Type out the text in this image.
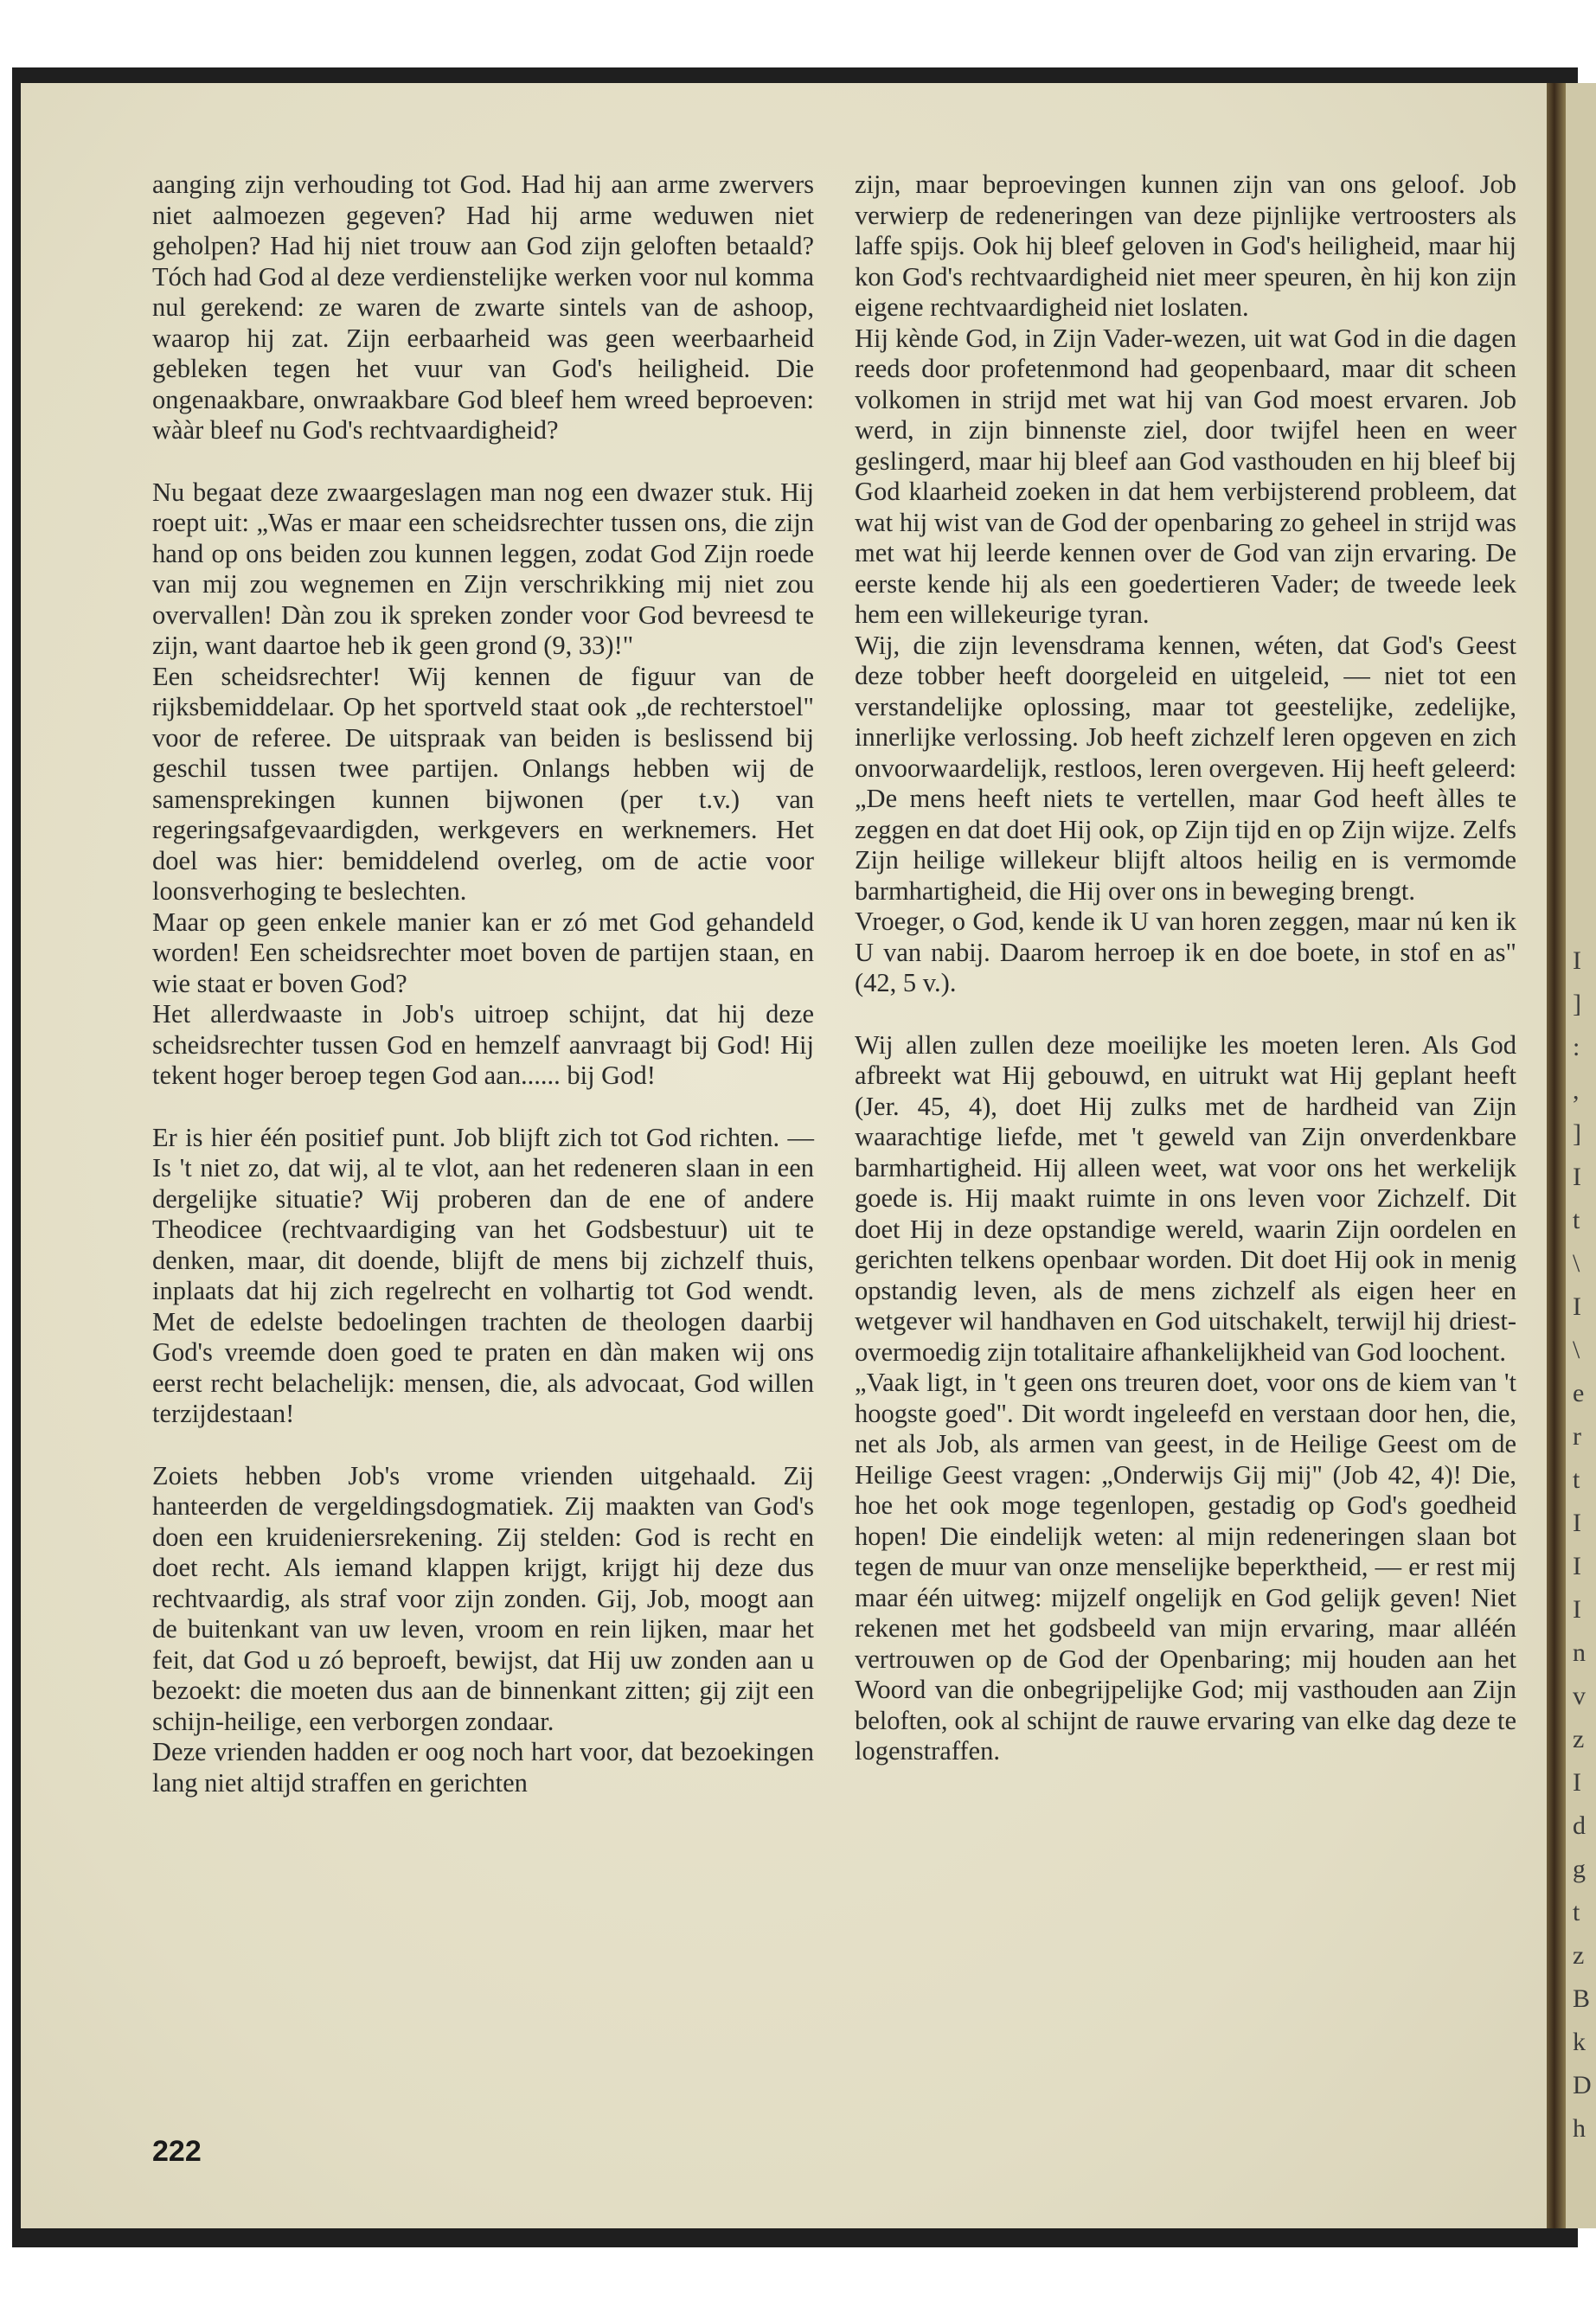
I
]
:
,
]
I
t
\
I
\
e
r
t
I
I
I
n
v
z
I
d
g
t
z
B
k
D
h

aanging zijn verhouding tot God. Had hij aan arme zwervers niet aalmoezen gegeven? Had hij arme weduwen niet geholpen? Had hij niet trouw aan God zijn geloften betaald? Tóch had God al deze verdienstelijke werken voor nul komma nul gerekend: ze waren de zwarte sintels van de ashoop, waarop hij zat. Zijn eerbaarheid was geen weerbaarheid gebleken tegen het vuur van God's heiligheid. Die ongenaakbare, onwraakbare God bleef hem wreed beproeven: wààr bleef nu God's rechtvaardigheid?

Nu begaat deze zwaargeslagen man nog een dwazer stuk. Hij roept uit: „Was er maar een scheidsrechter tussen ons, die zijn hand op ons beiden zou kunnen leggen, zodat God Zijn roede van mij zou wegnemen en Zijn verschrikking mij niet zou overvallen! Dàn zou ik spreken zonder voor God bevreesd te zijn, want daartoe heb ik geen grond (9, 33)!"

Een scheidsrechter! Wij kennen de figuur van de rijksbemiddelaar. Op het sportveld staat ook „de rechterstoel" voor de referee. De uitspraak van beiden is beslissend bij geschil tussen twee partijen. Onlangs hebben wij de samensprekingen kunnen bijwonen (per t.v.) van regeringsafgevaardigden, werkgevers en werknemers. Het doel was hier: bemiddelend overleg, om de actie voor loonsverhoging te beslechten.

Maar op geen enkele manier kan er zó met God gehandeld worden! Een scheidsrechter moet boven de partijen staan, en wie staat er boven God?

Het allerdwaaste in Job's uitroep schijnt, dat hij deze scheidsrechter tussen God en hemzelf aanvraagt bij God! Hij tekent hoger beroep tegen God aan...... bij God!

Er is hier één positief punt. Job blijft zich tot God richten. — Is 't niet zo, dat wij, al te vlot, aan het redeneren slaan in een dergelijke situatie? Wij proberen dan de ene of andere Theodicee (rechtvaardiging van het Godsbestuur) uit te denken, maar, dit doende, blijft de mens bij zichzelf thuis, inplaats dat hij zich regelrecht en volhartig tot God wendt. Met de edelste bedoelingen trachten de theologen daarbij God's vreemde doen goed te praten en dàn maken wij ons eerst recht belachelijk: mensen, die, als advocaat, God willen terzijdestaan!

Zoiets hebben Job's vrome vrienden uitgehaald. Zij hanteerden de vergeldingsdogmatiek. Zij maakten van God's doen een kruideniersrekening. Zij stelden: God is recht en doet recht. Als iemand klappen krijgt, krijgt hij deze dus rechtvaardig, als straf voor zijn zonden. Gij, Job, moogt aan de buitenkant van uw leven, vroom en rein lijken, maar het feit, dat God u zó beproeft, bewijst, dat Hij uw zonden aan u bezoekt: die moeten dus aan de binnenkant zitten; gij zijt een schijn-heilige, een verborgen zondaar.

Deze vrienden hadden er oog noch hart voor, dat bezoekingen lang niet altijd straffen en gerichten

zijn, maar beproevingen kunnen zijn van ons geloof. Job verwierp de redeneringen van deze pijnlijke vertroosters als laffe spijs. Ook hij bleef geloven in God's heiligheid, maar hij kon God's rechtvaardigheid niet meer speuren, èn hij kon zijn eigene rechtvaardigheid niet loslaten.

Hij kènde God, in Zijn Vader-wezen, uit wat God in die dagen reeds door profetenmond had geopenbaard, maar dit scheen volkomen in strijd met wat hij van God moest ervaren. Job werd, in zijn binnenste ziel, door twijfel heen en weer geslingerd, maar hij bleef aan God vasthouden en hij bleef bij God klaarheid zoeken in dat hem verbijsterend probleem, dat wat hij wist van de God der openbaring zo geheel in strijd was met wat hij leerde kennen over de God van zijn ervaring. De eerste kende hij als een goedertieren Vader; de tweede leek hem een willekeurige tyran.

Wij, die zijn levensdrama kennen, wéten, dat God's Geest deze tobber heeft doorgeleid en uitgeleid, — niet tot een verstandelijke oplossing, maar tot geestelijke, zedelijke, innerlijke verlossing. Job heeft zichzelf leren opgeven en zich onvoorwaardelijk, restloos, leren overgeven. Hij heeft geleerd: „De mens heeft niets te vertellen, maar God heeft àlles te zeggen en dat doet Hij ook, op Zijn tijd en op Zijn wijze. Zelfs Zijn heilige willekeur blijft altoos heilig en is vermomde barmhartigheid, die Hij over ons in beweging brengt.

Vroeger, o God, kende ik U van horen zeggen, maar nú ken ik U van nabij. Daarom herroep ik en doe boete, in stof en as" (42, 5 v.).

Wij allen zullen deze moeilijke les moeten leren. Als God afbreekt wat Hij gebouwd, en uitrukt wat Hij geplant heeft (Jer. 45, 4), doet Hij zulks met de hardheid van Zijn waarachtige liefde, met 't geweld van Zijn onverdenkbare barmhartigheid. Hij alleen weet, wat voor ons het werkelijk goede is. Hij maakt ruimte in ons leven voor Zichzelf. Dit doet Hij in deze opstandige wereld, waarin Zijn oordelen en gerichten telkens openbaar worden. Dit doet Hij ook in menig opstandig leven, als de mens zichzelf als eigen heer en wetgever wil handhaven en God uitschakelt, terwijl hij driest-overmoedig zijn totalitaire afhankelijkheid van God loochent.

„Vaak ligt, in 't geen ons treuren doet, voor ons de kiem van 't hoogste goed". Dit wordt ingeleefd en verstaan door hen, die, net als Job, als armen van geest, in de Heilige Geest om de Heilige Geest vragen: „Onderwijs Gij mij" (Job 42, 4)! Die, hoe het ook moge tegenlopen, gestadig op God's goedheid hopen! Die eindelijk weten: al mijn redeneringen slaan bot tegen de muur van onze menselijke beperktheid, — er rest mij maar één uitweg: mijzelf ongelijk en God gelijk geven! Niet rekenen met het godsbeeld van mijn ervaring, maar alléén vertrouwen op de God der Openbaring; mij houden aan het Woord van die onbegrijpelijke God; mij vasthouden aan Zijn beloften, ook al schijnt de rauwe ervaring van elke dag deze te logenstraffen.

222
